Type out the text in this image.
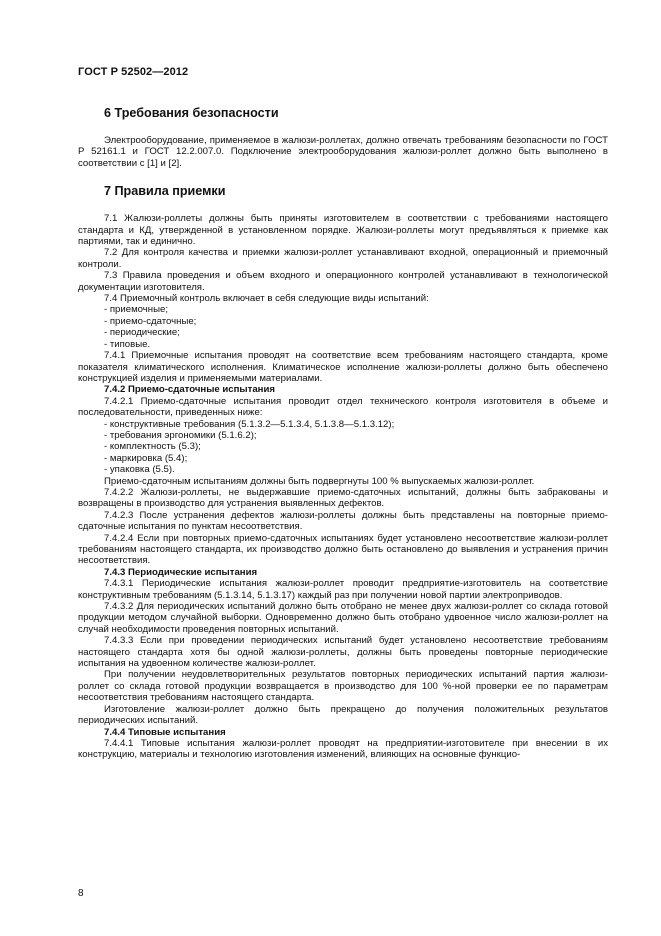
ГОСТ Р 52502—2012
6 Требования безопасности

Электрооборудование, применяемое в жалюзи-роллетах, должно отвечать требованиям безопасности по ГОСТ Р 52161.1 и ГОСТ 12.2.007.0. Подключение электрооборудования жалюзи-роллет должно быть выполнено в соответствии с [1] и [2].

7 Правила приемки

7.1 Жалюзи-роллеты должны быть приняты изготовителем в соответствии с требованиями настоящего стандарта и КД, утвержденной в установленном порядке. Жалюзи-роллеты могут предъявляться к приемке как партиями, так и единично.

7.2 Для контроля качества и приемки жалюзи-роллет устанавливают входной, операционный и приемочный контроли.

7.3 Правила проведения и объем входного и операционного контролей устанавливают в технологической документации изготовителя.

7.4 Приемочный контроль включает в себя следующие виды испытаний:

- приемочные;

- приемо-сдаточные;

- периодические;

- типовые.

7.4.1 Приемочные испытания проводят на соответствие всем требованиям настоящего стандарта, кроме показателя климатического исполнения. Климатическое исполнение жалюзи-роллеты должно быть обеспечено конструкцией изделия и применяемыми материалами.

7.4.2 Приемо-сдаточные испытания

7.4.2.1 Приемо-сдаточные испытания проводит отдел технического контроля изготовителя в объеме и последовательности, приведенных ниже:

- конструктивные требования (5.1.3.2—5.1.3.4, 5.1.3.8—5.1.3.12);

- требования эргономики (5.1.6.2);

- комплектность (5.3);

- маркировка (5.4);

- упаковка (5.5).

Приемо-сдаточным испытаниям должны быть подвергнуты 100 % выпускаемых жалюзи-роллет.

7.4.2.2 Жалюзи-роллеты, не выдержавшие приемо-сдаточных испытаний, должны быть забракованы и возвращены в производство для устранения выявленных дефектов.

7.4.2.3 После устранения дефектов жалюзи-роллеты должны быть представлены на повторные приемо-сдаточные испытания по пунктам несоответствия.

7.4.2.4 Если при повторных приемо-сдаточных испытаниях будет установлено несоответствие жалюзи-роллет требованиям настоящего стандарта, их производство должно быть остановлено до выявления и устранения причин несоответствия.

7.4.3 Периодические испытания

7.4.3.1 Периодические испытания жалюзи-роллет проводит предприятие-изготовитель на соответствие конструктивным требованиям (5.1.3.14, 5.1.3.17) каждый раз при получении новой партии электроприводов.

7.4.3.2 Для периодических испытаний должно быть отобрано не менее двух жалюзи-роллет со склада готовой продукции методом случайной выборки. Одновременно должно быть отобрано удвоенное число жалюзи-роллет на случай необходимости проведения повторных испытаний.

7.4.3.3 Если при проведении периодических испытаний будет установлено несоответствие требованиям настоящего стандарта хотя бы одной жалюзи-роллеты, должны быть проведены повторные периодические испытания на удвоенном количестве жалюзи-роллет.

При получении неудовлетворительных результатов повторных периодических испытаний партия жалюзи-роллет со склада готовой продукции возвращается в производство для 100 %-ной проверки ее по параметрам несоответствия требованиям настоящего стандарта.

Изготовление жалюзи-роллет должно быть прекращено до получения положительных результатов периодических испытаний.

7.4.4 Типовые испытания

7.4.4.1 Типовые испытания жалюзи-роллет проводят на предприятии-изготовителе при внесении в их конструкцию, материалы и технологию изготовления изменений, влияющих на основные функцио-

8
